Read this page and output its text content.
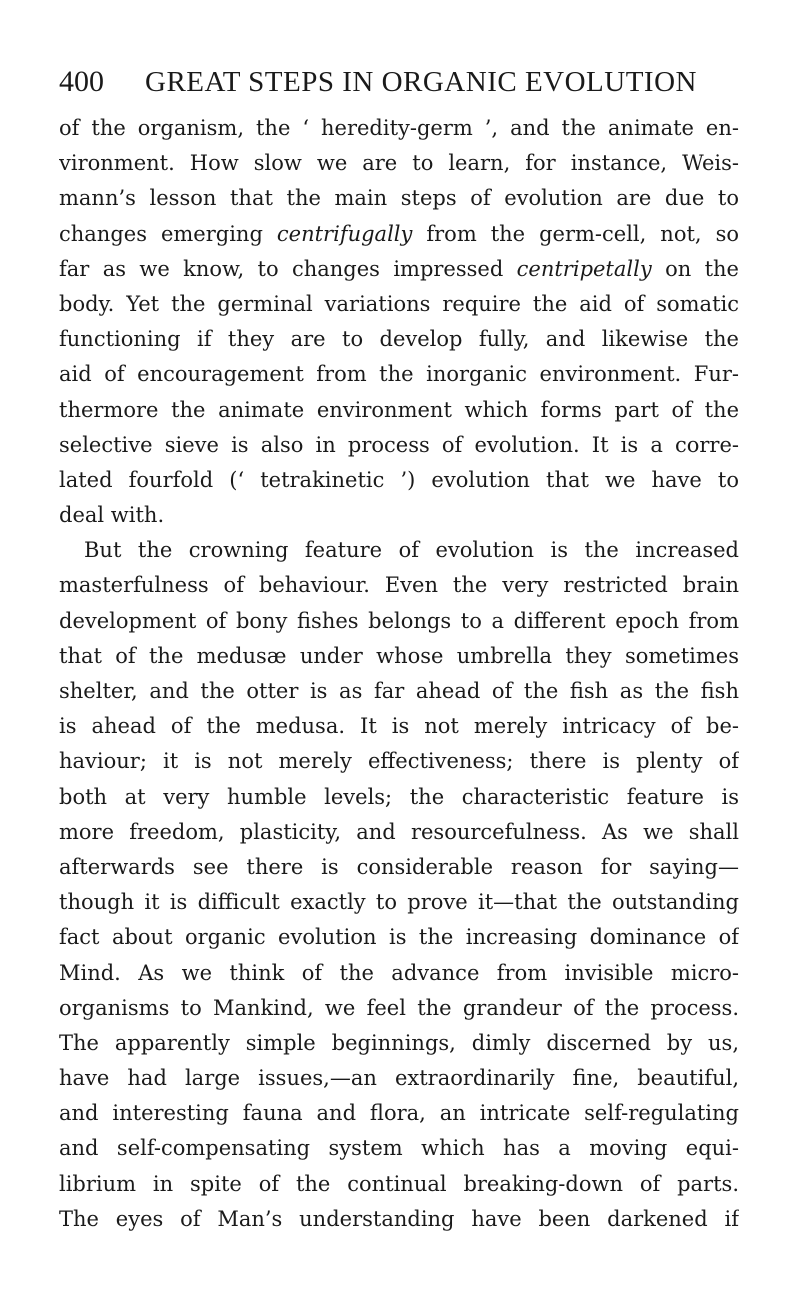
400 GREAT STEPS IN ORGANIC EVOLUTION
of the organism, the ‘ heredity-germ ’, and the animate en-
vironment. How slow we are to learn, for instance, Weis-
mann’s lesson that the main steps of evolution are due to
changes emerging centrifugally from the germ-cell, not, so
far as we know, to changes impressed centripetally on the
body. Yet the germinal variations require the aid of somatic
functioning if they are to develop fully, and likewise the
aid of encouragement from the inorganic environment. Fur-
thermore the animate environment which forms part of the
selective sieve is also in process of evolution. It is a corre-
lated fourfold (‘ tetrakinetic ’) evolution that we have to
deal with.
But the crowning feature of evolution is the increased
masterfulness of behaviour. Even the very restricted brain
development of bony fishes belongs to a different epoch from
that of the medusæ under whose umbrella they sometimes
shelter, and the otter is as far ahead of the fish as the fish
is ahead of the medusa. It is not merely intricacy of be-
haviour; it is not merely effectiveness; there is plenty of
both at very humble levels; the characteristic feature is
more freedom, plasticity, and resourcefulness. As we shall
afterwards see there is considerable reason for saying—
though it is difficult exactly to prove it—that the outstanding
fact about organic evolution is the increasing dominance of
Mind. As we think of the advance from invisible micro-
organisms to Mankind, we feel the grandeur of the process.
The apparently simple beginnings, dimly discerned by us,
have had large issues,—an extraordinarily fine, beautiful,
and interesting fauna and flora, an intricate self-regulating
and self-compensating system which has a moving equi-
librium in spite of the continual breaking-down of parts.
The eyes of Man’s understanding have been darkened if
